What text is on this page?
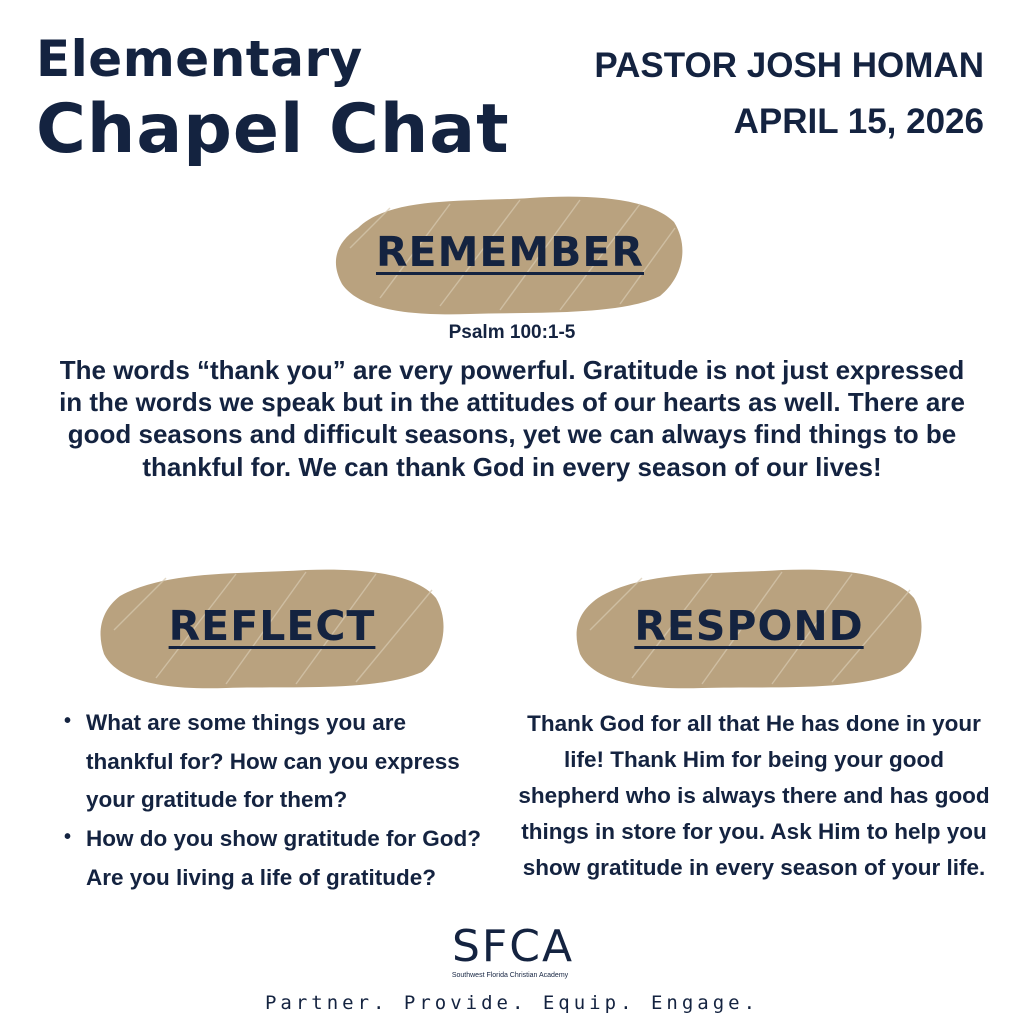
Elementary
Chapel Chat
PASTOR JOSH HOMAN
APRIL 15, 2026
REMEMBER
Psalm 100:1-5
The words “thank you” are very powerful. Gratitude is not just expressed in the words we speak but in the attitudes of our hearts as well. There are good seasons and difficult seasons, yet we can always find things to be thankful for. We can thank God in every season of our lives!
REFLECT	RESPOND
• What are some things you are thankful for? How can you express your gratitude for them?
• How do you show gratitude for God? Are you living a life of gratitude?
Thank God for all that He has done in your life! Thank Him for being your good shepherd who is always there and has good things in store for you. Ask Him to help you show gratitude in every season of your life.
SFCA
Southwest Florida Christian Academy
Partner. Provide. Equip. Engage.
